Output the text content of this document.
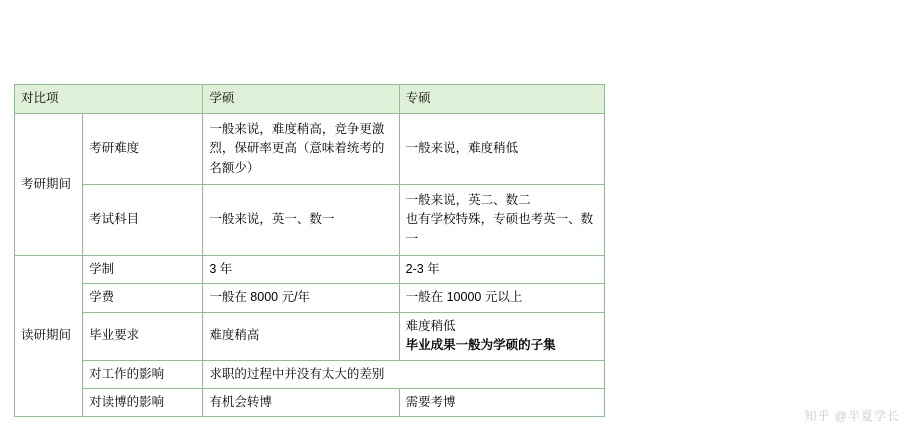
对比项		学硕	专硕
考研期间	考研难度	一般来说，难度稍高，竞争更激烈，保研率更高（意味着统考的名额少）	一般来说，难度稍低
	考试科目	一般来说，英一、数一	一般来说，英二、数二
也有学校特殊，专硕也考英一、数一

读研期间	学制	3 年	2-3 年
	学费	一般在 8000 元/年	一般在 10000 元以上
	毕业要求	难度稍高	难度稍低
毕业成果一般为学硕的子集

	对工作的影响	求职的过程中并没有太大的差别	
	对读博的影响	有机会转博	需要考博
知乎 @半夏学长
